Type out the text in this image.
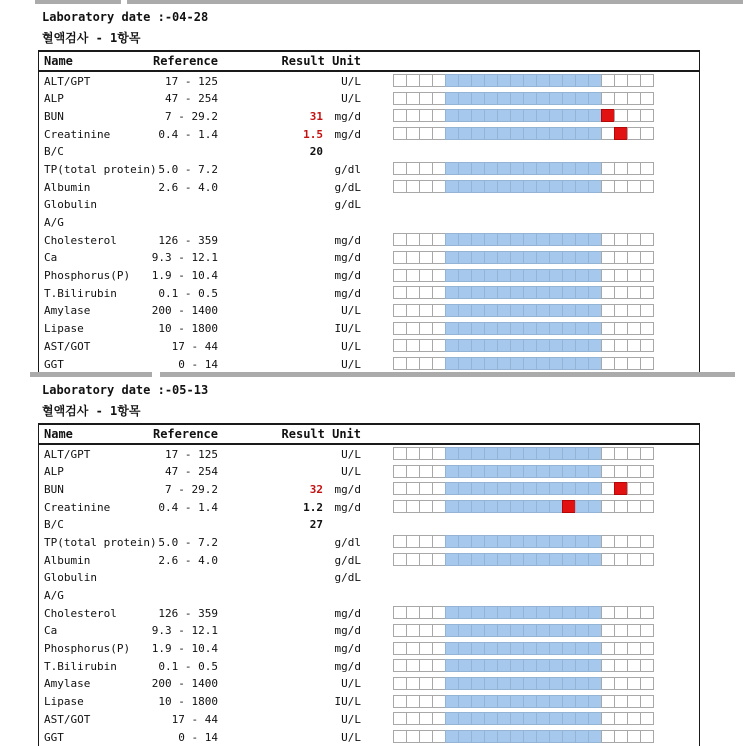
Laboratory date :-04-28
혈액검사 - 1항목
Name	Reference	Result Unit
ALT/GPT	17 - 125	U/L
ALP	47 - 254	U/L
BUN	7 - 29.2	31 mg/d
Creatinine	0.4 - 1.4	1.5 mg/d
B/C	20
TP(total protein) 5.0 - 7.2	g/dl
Albumin	2.6 - 4.0	g/dL
Globulin	g/dL
A/G
Cholesterol	126 - 359	mg/d
Ca	9.3 - 12.1	mg/d
Phosphorus(P) 1.9 - 10.4	mg/d
T.Bilirubin	0.1 - 0.5	mg/d
Amylase	200 - 1400	U/L
Lipase	10 - 1800	IU/L
AST/GOT	17 - 44	U/L
GGT	0 - 14	U/L
Laboratory date :-05-13
혈액검사 - 1항목
Name	Reference	Result Unit
ALT/GPT	17 - 125	U/L
ALP	47 - 254	U/L
BUN	7 - 29.2	32 mg/d
Creatinine	0.4 - 1.4	1.2 mg/d
B/C	27
TP(total protein) 5.0 - 7.2	g/dl
Albumin	2.6 - 4.0	g/dL
Globulin	g/dL
A/G
Cholesterol	126 - 359	mg/d
Ca	9.3 - 12.1	mg/d
Phosphorus(P) 1.9 - 10.4	mg/d
T.Bilirubin	0.1 - 0.5	mg/d
Amylase	200 - 1400	U/L
Lipase	10 - 1800	IU/L
AST/GOT	17 - 44	U/L
GGT	0 - 14	U/L
